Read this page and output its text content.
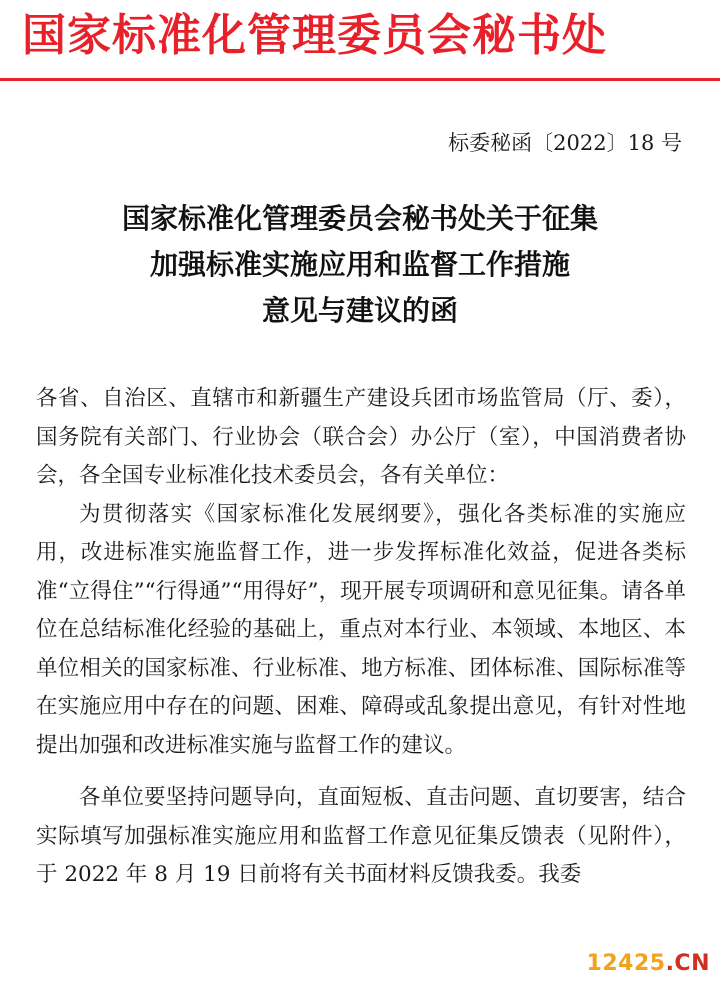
国家标准化管理委员会秘书处
标委秘函〔2022〕18 号
国家标准化管理委员会秘书处关于征集
加强标准实施应用和监督工作措施
意见与建议的函

各省、自治区、直辖市和新疆生产建设兵团市场监管局（厅、委），国务院有关部门、行业协会（联合会）办公厅（室），中国消费者协会，各全国专业标准化技术委员会，各有关单位：

为贯彻落实《国家标准化发展纲要》，强化各类标准的实施应用，改进标准实施监督工作，进一步发挥标准化效益，促进各类标准“立得住”“行得通”“用得好”，现开展专项调研和意见征集。请各单位在总结标准化经验的基础上，重点对本行业、本领域、本地区、本单位相关的国家标准、行业标准、地方标准、团体标准、国际标准等在实施应用中存在的问题、困难、障碍或乱象提出意见，有针对性地提出加强和改进标准实施与监督工作的建议。

各单位要坚持问题导向，直面短板、直击问题、直切要害，结合实际填写加强标准实施应用和监督工作意见征集反馈表（见附件），于 2022 年 8 月 19 日前将有关书面材料反馈我委。我委

12425.CN
